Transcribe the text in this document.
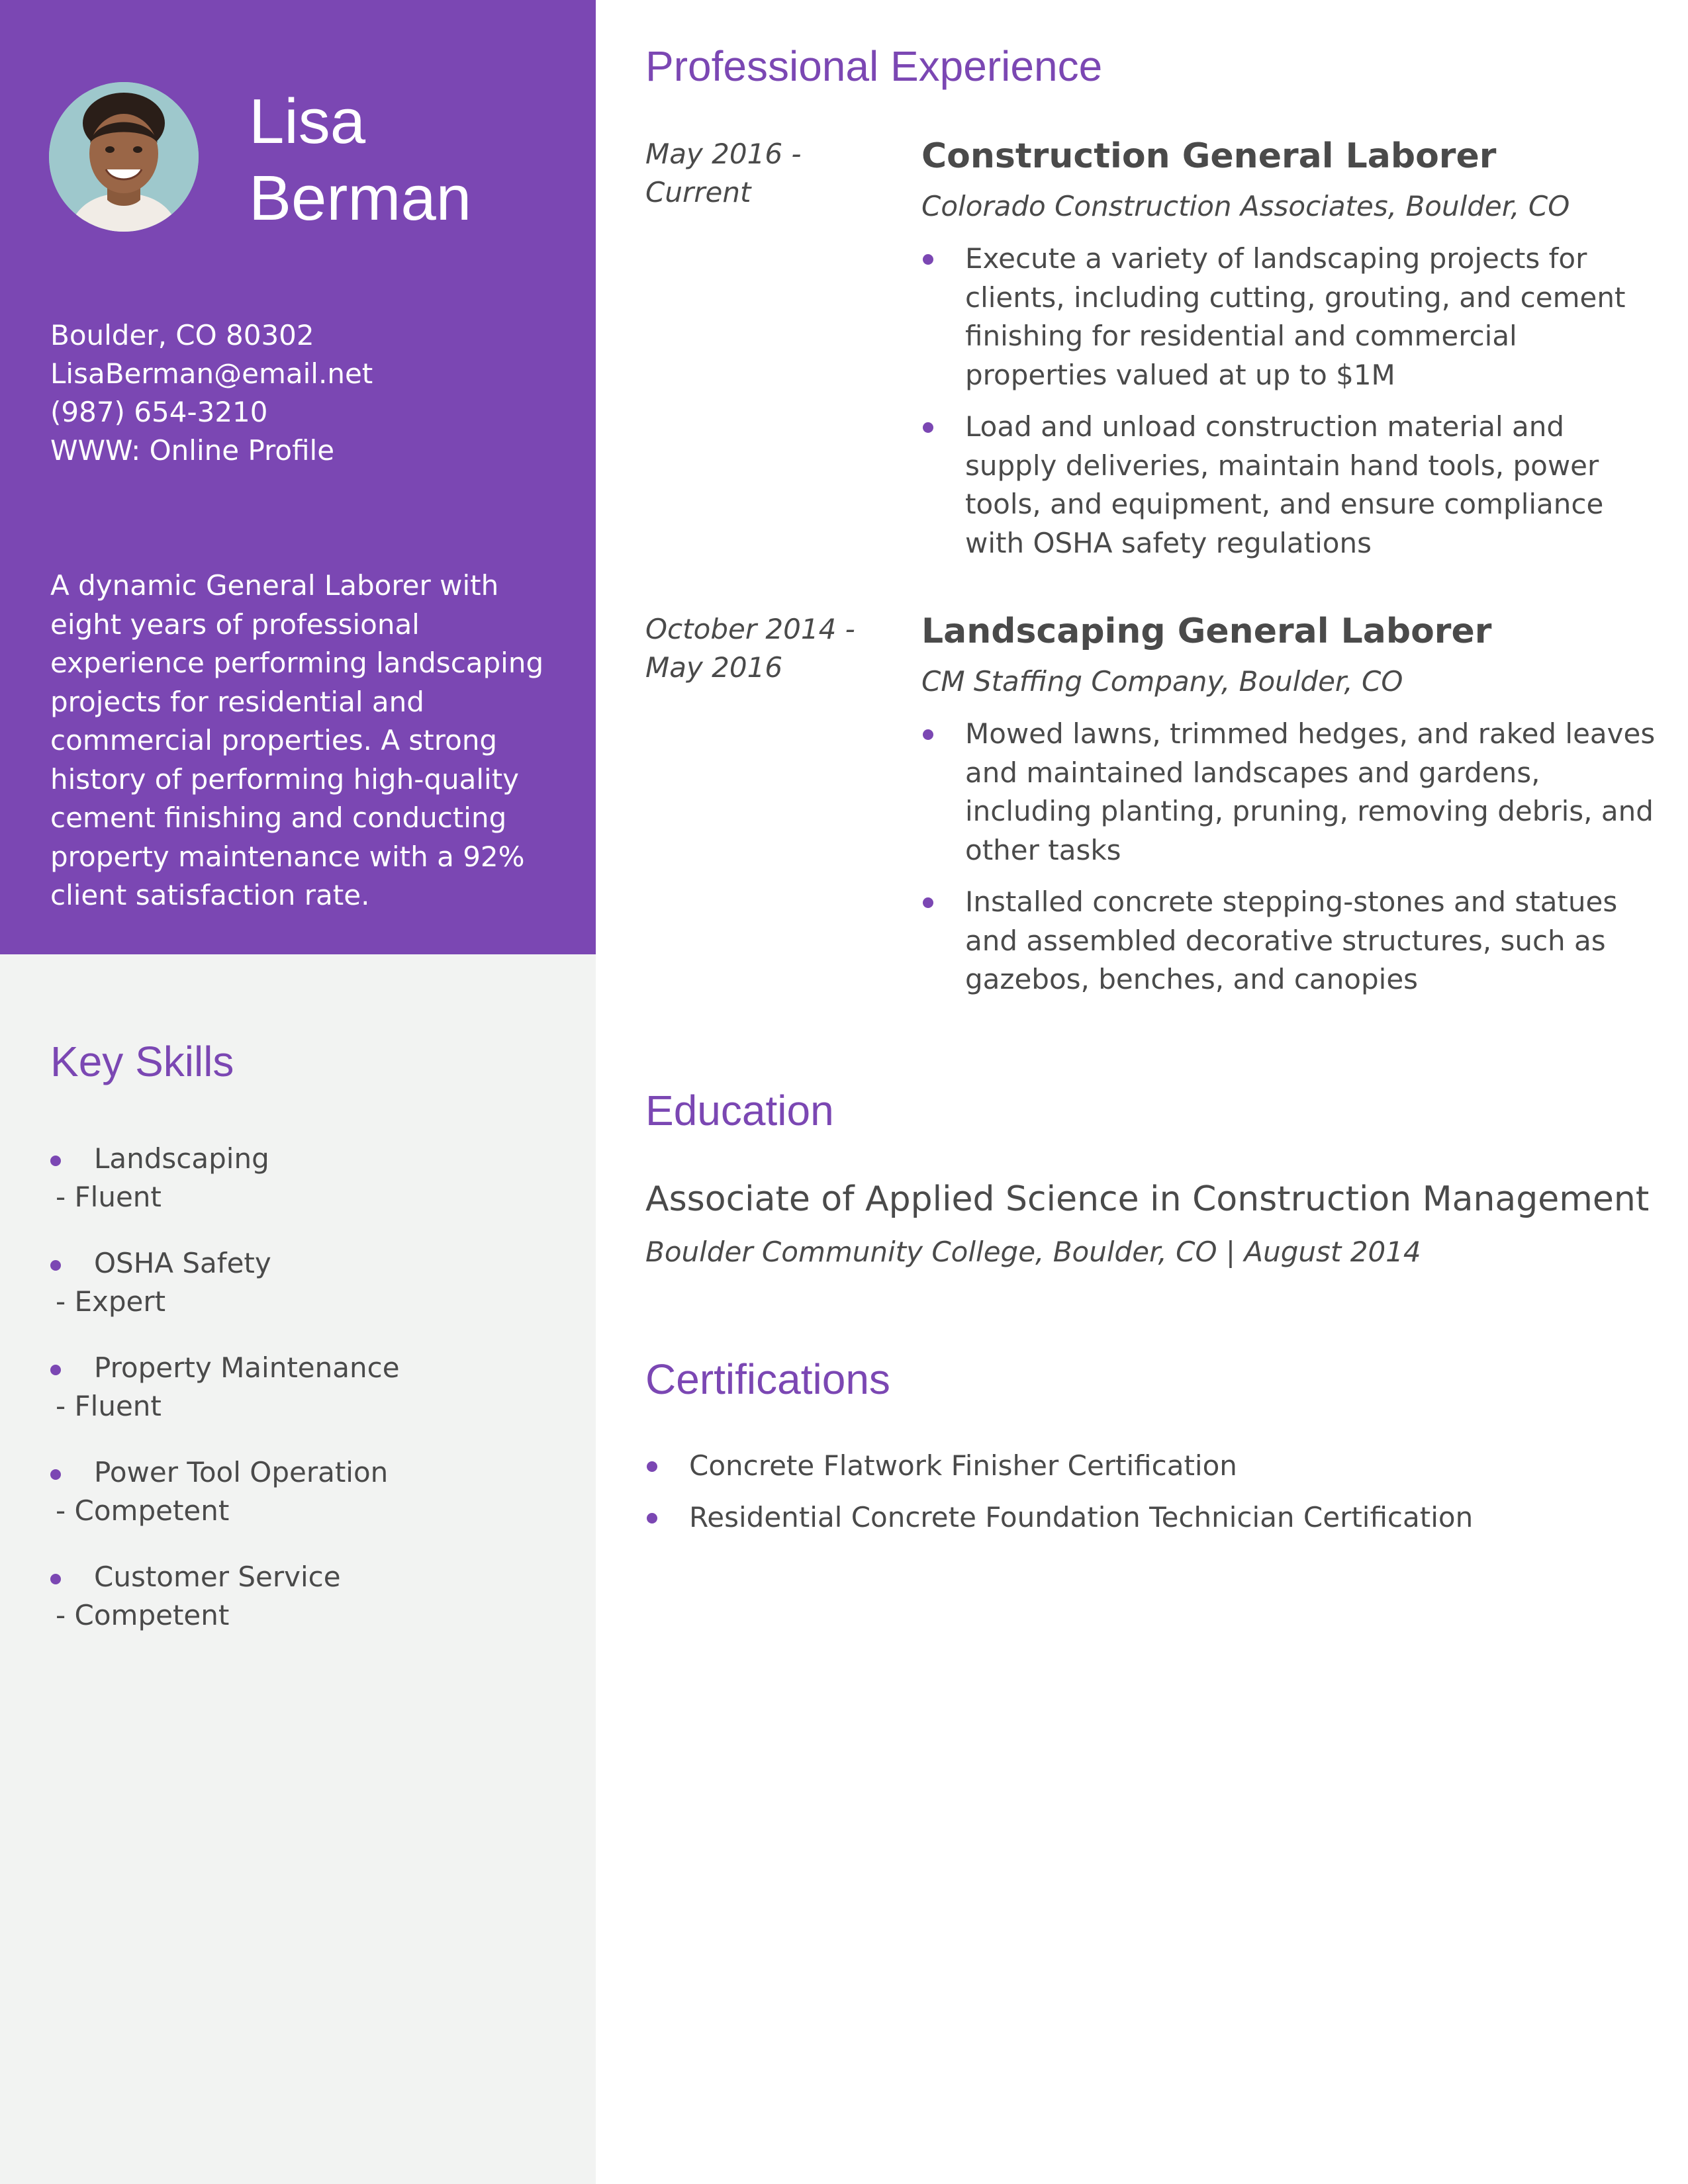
Lisa
Berman
Boulder, CO 80302
LisaBerman@email.net
(987) 654-3210
WWW: Online Profile
A dynamic General Laborer with eight years of professional experience performing landscaping projects for residential and commercial properties. A strong history of performing high-quality cement finishing and conducting property maintenance with a 92% client satisfaction rate.
Key Skills
Landscaping
- Fluent
OSHA Safety
- Expert
Property Maintenance
- Fluent
Power Tool Operation
- Competent
Customer Service
- Competent
Professional Experience
May 2016 - Current
Construction General Laborer
Colorado Construction Associates, Boulder, CO
Execute a variety of landscaping projects for clients, including cutting, grouting, and cement finishing for residential and commercial properties valued at up to $1M
Load and unload construction material and supply deliveries, maintain hand tools, power tools, and equipment, and ensure compliance with OSHA safety regulations
October 2014 - May 2016
Landscaping General Laborer
CM Staffing Company, Boulder, CO
Mowed lawns, trimmed hedges, and raked leaves and maintained landscapes and gardens, including planting, pruning, removing debris, and other tasks
Installed concrete stepping-stones and statues and assembled decorative structures, such as gazebos, benches, and canopies
Education
Associate of Applied Science in Construction Management
Boulder Community College, Boulder, CO | August 2014
Certifications
Concrete Flatwork Finisher Certification
Residential Concrete Foundation Technician Certification
